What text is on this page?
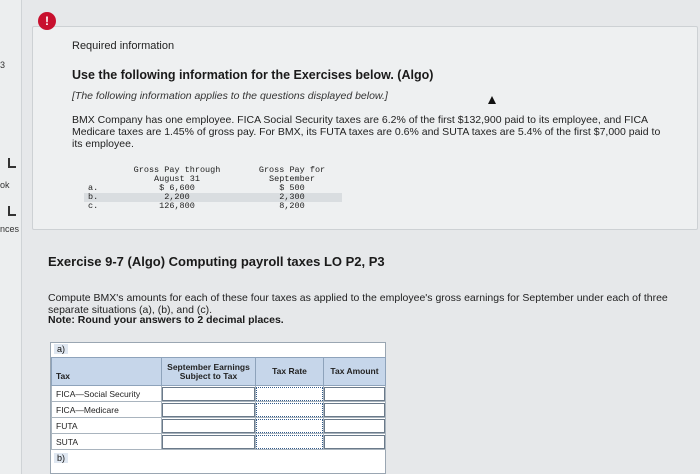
3
ok
nces
!
Required information
Use the following information for the Exercises below. (Algo)
[The following information applies to the questions displayed below.]
BMX Company has one employee. FICA Social Security taxes are 6.2% of the first $132,900 paid to its employee, and FICA Medicare taxes are 1.45% of gross pay. For BMX, its FUTA taxes are 0.6% and SUTA taxes are 5.4% of the first $7,000 paid to its employee.
	Gross Pay through	Gross Pay for
	August 31	September
a.	$ 6,600	$ 500
b.	2,200	2,300
c.	126,800	8,200
Exercise 9-7 (Algo) Computing payroll taxes LO P2, P3
Compute BMX's amounts for each of these four taxes as applied to the employee's gross earnings for September under each of three separate situations (a), (b), and (c).
Note: Round your answers to 2 decimal places.
a)
Tax	September Earnings Subject to Tax	Tax Rate	Tax Amount
FICA—Social Security			
FICA—Medicare			
FUTA			
SUTA			
b)
